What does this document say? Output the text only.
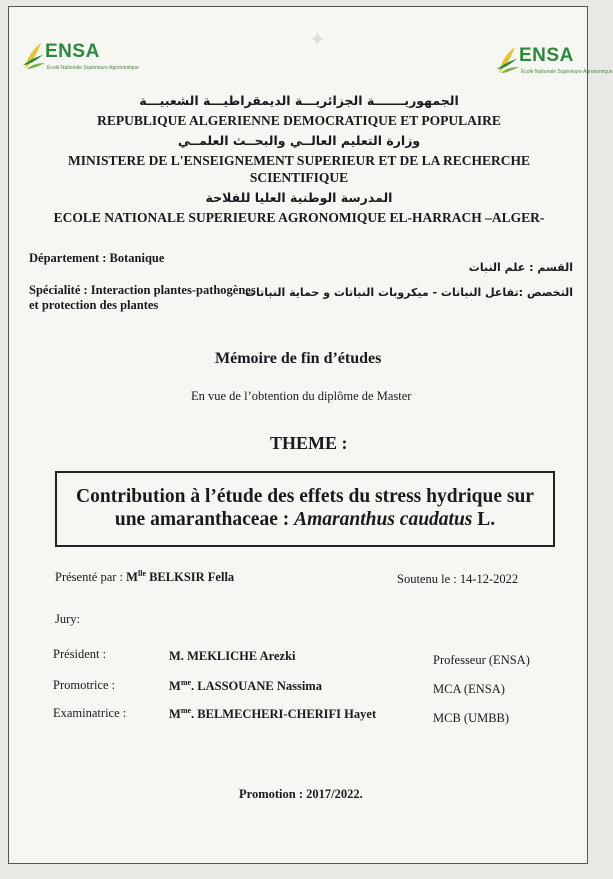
✦
ENSA
École Nationale Supérieure Agronomique
ENSA
École Nationale Supérieure Agronomique
الجمهوريـــــــة الجزائريـــة الديمقراطيـــة الشعبيـــة
REPUBLIQUE ALGERIENNE DEMOCRATIQUE ET POPULAIRE
وزارة التعليم العالــي والبحــث العلمــي
MINISTERE DE L'ENSEIGNEMENT SUPERIEUR ET DE LA RECHERCHE
SCIENTIFIQUE
المدرسة الوطنية العليا للفلاحة
ECOLE NATIONALE SUPERIEURE AGRONOMIQUE EL-HARRACH –ALGER-
Département : Botanique
القسم : علم النبات
Spécialité : Interaction plantes-pathogènes
et protection des plantes
التخصص :تفاعل النباتات - ميكروبات النباتات و حماية النباتات
Mémoire de fin d’études
En vue de l’obtention du diplôme de Master
THEME :
Contribution à l’étude des effets du stress hydrique sur
une amaranthaceae : Amaranthus caudatus L.
Présenté par : $M^{lle}$ BELKSIR Fella	Soutenu le : 14-12-2022
Jury:
Président :	M. MEKLICHE Arezki	Professeur (ENSA)
Promotrice :	$M^{me}$. LASSOUANE Nassima	MCA (ENSA)
Examinatrice :	$M^{me}$. BELMECHERI-CHERIFI Hayet	MCB (UMBB)
Promotion : 2017/2022.
